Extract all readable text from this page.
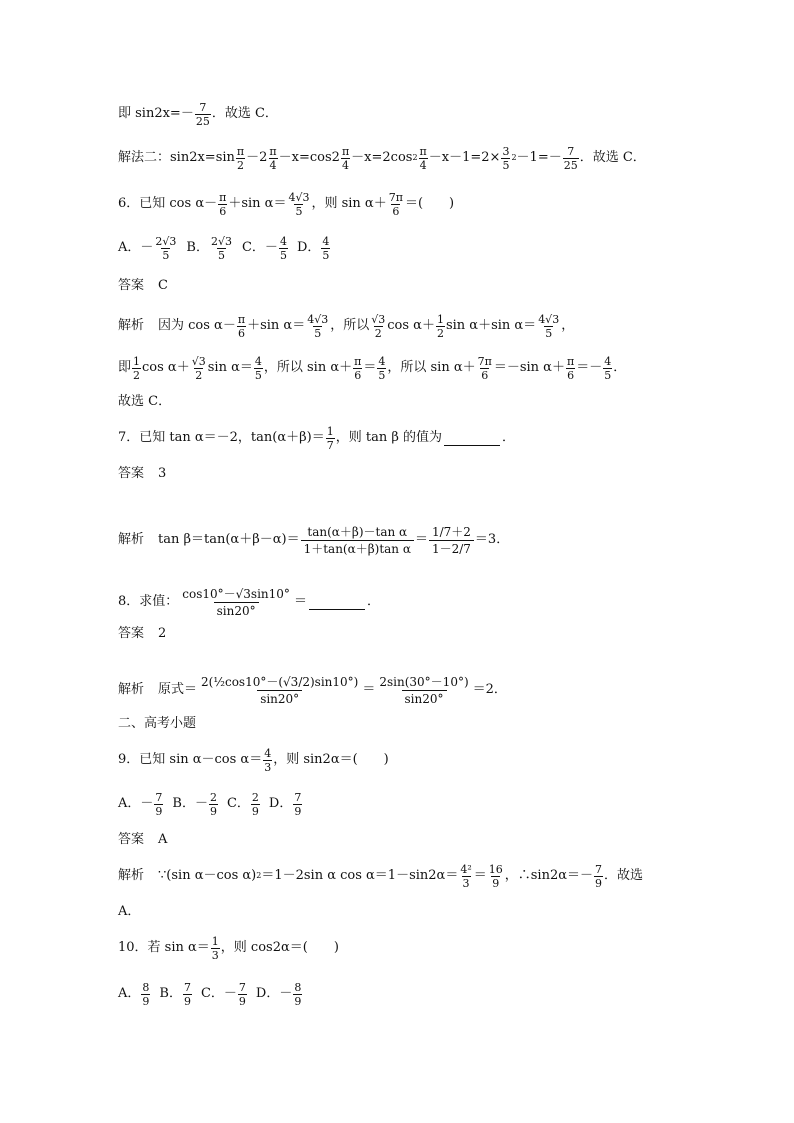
即 $\sin 2x=- \frac{7}{25}$ ．故选 C．
解法二：$\sin 2x=\sin \frac{\pi}{2} -2 \frac{\pi}{4} -x=\cos 2 \frac{\pi}{4} -x=2\cos$ $2 \frac{\pi}{4} -x-1=2\times \frac{3}{5} 2 -1=- \frac{7}{25}$ ．故选 C．
6．已知 $\cos \alpha- \frac{\pi}{6} +\sin$ $\alpha= \frac{4√3}{5}$ ，则 $\sin \alpha+ \frac{7\pi}{6}$ ＝(　　)
A．－ $\frac{2√3}{5}$ B． $\frac{2√3}{5}$ C．－ $\frac{4}{5}$ D． $\frac{4}{5}$
答案 C
解析 因为 $\cos \alpha- \frac{\pi}{6} +\sin$ $\alpha= \frac{4√3}{5}$ ，所以 $\frac{√3}{2}$ $\cos \alpha+ \frac{1}{2}$ sin α＋sin $\alpha= \frac{4√3}{5}$ ，
即 $\frac{1}{2}$ $\cos \alpha+ \frac{√3}{2}$ $\sin \alpha= \frac{4}{5}$ ，所以 $\sin \alpha+ \frac{\pi}{6} = \frac{4}{5}$ ，所以 $\sin \alpha+ \frac{7\pi}{6} =-\sin$ $\alpha+ \frac{\pi}{6} =- \frac{4}{5}$ ．
故选 C．
7．已知 tan α＝－2，$\tan(\alpha+\beta)= \frac{1}{7}$ ，则 tan β 的值为	．
答案 3
解析 $\tan \beta=\tan(\alpha+\beta-\alpha)= \frac{\text{tan(α＋β)－tan α}}{\text{1＋tan(α＋β)tan α}} = \frac{1/7+2}{1-2/7} =3$．
8．求值： $\frac{\cos 10^\circ-√3\sin 10^\circ}{\sin 20^\circ}$ ＝	．
答案 2
解析 原式＝ $\frac{\text{2(½cos10°－(√3/2)sin10°)}}{\sin 20^\circ} = \frac{2\sin(30^\circ-10^\circ)}{\sin 20^\circ} =2$．
二、高考小题
9．已知 sin α－cos $\alpha= \frac{4}{3}$ ，则 sin2α＝(　　)
A．－ $\frac{7}{9}$ B．－ $\frac{2}{9}$ C． $\frac{2}{9}$ D． $\frac{7}{9}$
答案 A
解析 ∵(sin α－cos α) 2 ＝1－2sin α $\cos \alpha=1-\sin 2\alpha= \frac{\text{4²}}{3} = \frac{16}{9}$ ，∴sin2α＝－ $\frac{7}{9}$ ．故选
A．
10．若 $\sin \alpha= \frac{1}{3}$ ，则 cos2α＝(　　)
A． $\frac{8}{9}$ B． $\frac{7}{9}$ C．－ $\frac{7}{9}$ D．－ $\frac{8}{9}$
